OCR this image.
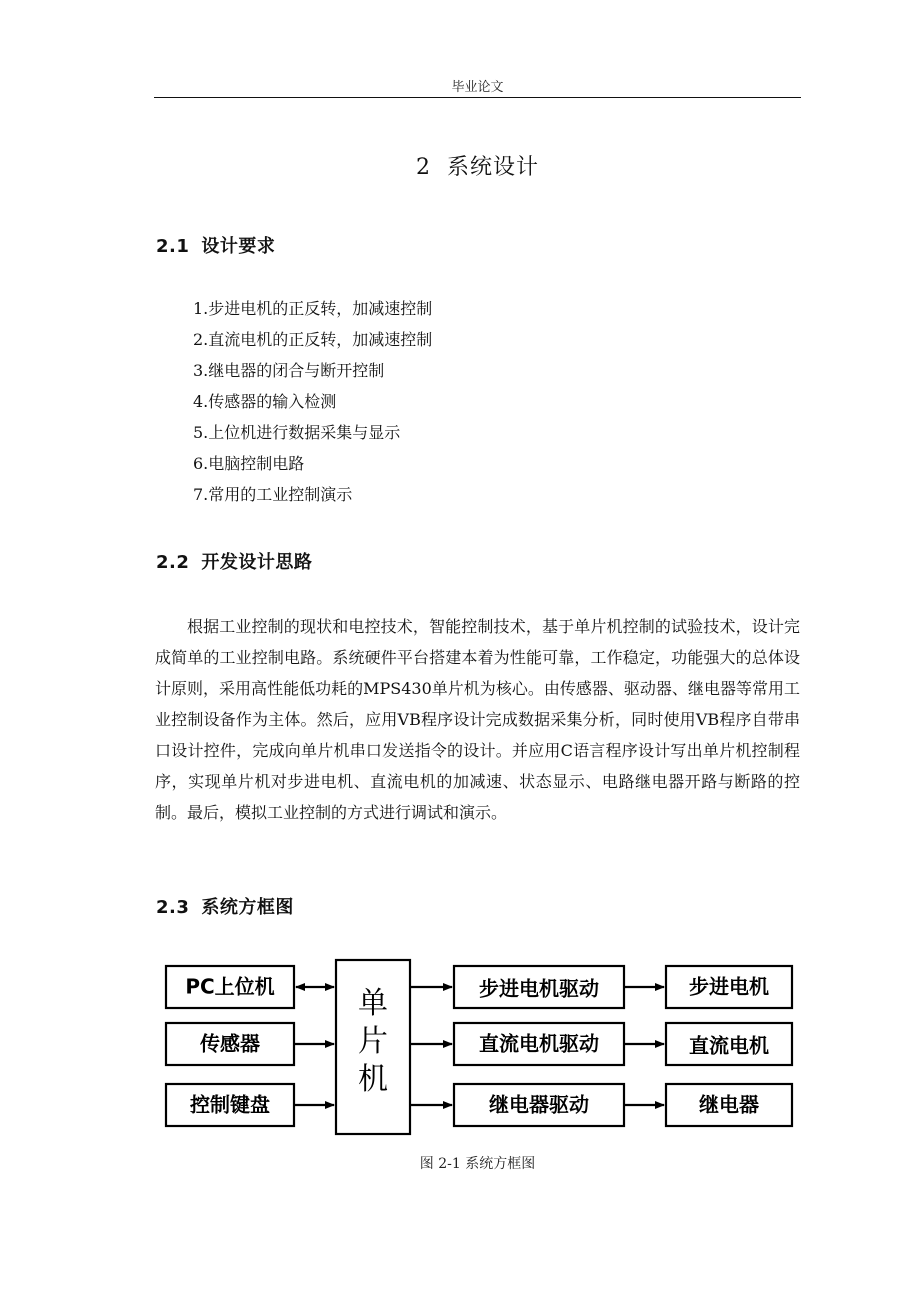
毕业论文
2 系统设计
2.1 设计要求
1.步进电机的正反转，加减速控制
2.直流电机的正反转，加减速控制
3.继电器的闭合与断开控制
4.传感器的输入检测
5.上位机进行数据采集与显示
6.电脑控制电路
7.常用的工业控制演示
2.2 开发设计思路

根据工业控制的现状和电控技术，智能控制技术，基于单片机控制的试验技术，设计完成简单的工业控制电路。系统硬件平台搭建本着为性能可靠，工作稳定，功能强大的总体设计原则，采用高性能低功耗的MPS430单片机为核心。由传感器、驱动器、继电器等常用工业控制设备作为主体。然后，应用VB程序设计完成数据采集分析，同时使用VB程序自带串口设计控件，完成向单片机串口发送指令的设计。并应用C语言程序设计写出单片机控制程序，实现单片机对步进电机、直流电机的加减速、状态显示、电路继电器开路与断路的控制。最后，模拟工业控制的方式进行调试和演示。

2.3 系统方框图
PC上位机
传感器
控制键盘
单
片
机
步进电机驱动
直流电机驱动
继电器驱动
步进电机
直流电机
继电器
图 2-1 系统方框图
